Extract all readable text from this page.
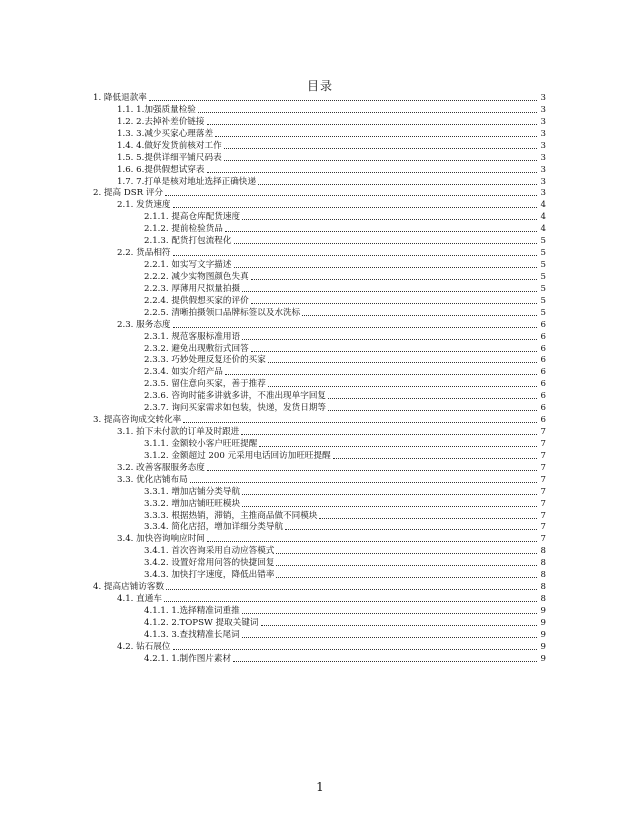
目录
1. 降低退款率	3
1.1. 1.加强质量检验	3
1.2. 2.去掉补差价链接	3
1.3. 3.减少买家心理落差	3
1.4. 4.做好发货前核对工作	3
1.5. 5.提供详细平铺尺码表	3
1.6. 6.提供假想试穿表	3
1.7. 7.打单是核对地址选择正确快递	3
2. 提高 DSR 评分	3
2.1. 发货速度	4
2.1.1. 提高仓库配货速度	4
2.1.2. 提前检验货品	4
2.1.3. 配货打包流程化	5
2.2. 货品相符	5
2.2.1. 如实写文字描述	5
2.2.2. 减少实物图颜色失真	5
2.2.3. 厚薄用尺拟量拍摄	5
2.2.4. 提供假想买家的评价	5
2.2.5. 清晰拍摄领口品牌标签以及水洗标	5
2.3. 服务态度	6
2.3.1. 规范客服标准用语	6
2.3.2. 避免出现敷衍式回答	6
2.3.3. 巧妙处理反复还价的买家	6
2.3.4. 如实介绍产品	6
2.3.5. 留住意向买家，善于推荐	6
2.3.6. 咨询时能多讲就多讲，不准出现单字回复	6
2.3.7. 询问买家需求如包装，快递，发货日期等	6
3. 提高咨询成交转化率	6
3.1. 拍下未付款的订单及时跟进	7
3.1.1. 金额较小客户旺旺提醒	7
3.1.2. 金额超过 200 元采用电话回访加旺旺提醒	7
3.2. 改善客服服务态度	7
3.3. 优化店铺布局	7
3.3.1. 增加店铺分类导航	7
3.3.2. 增加店铺旺旺模块	7
3.3.3. 根据热销，滞销，主推商品做不同模块	7
3.3.4. 简化店招，增加详细分类导航	7
3.4. 加快咨询响应时间	7
3.4.1. 首次咨询采用自动应答模式	8
3.4.2. 设置好常用问答的快捷回复	8
3.4.3. 加快打字速度，降低出错率	8
4. 提高店铺访客数	8
4.1. 直通车	8
4.1.1. 1.选择精准词重推	9
4.1.2. 2.TOPSW 提取关键词	9
4.1.3. 3.查找精准长尾词	9
4.2. 钻石展位	9
4.2.1. 1.制作图片素材	9
1
